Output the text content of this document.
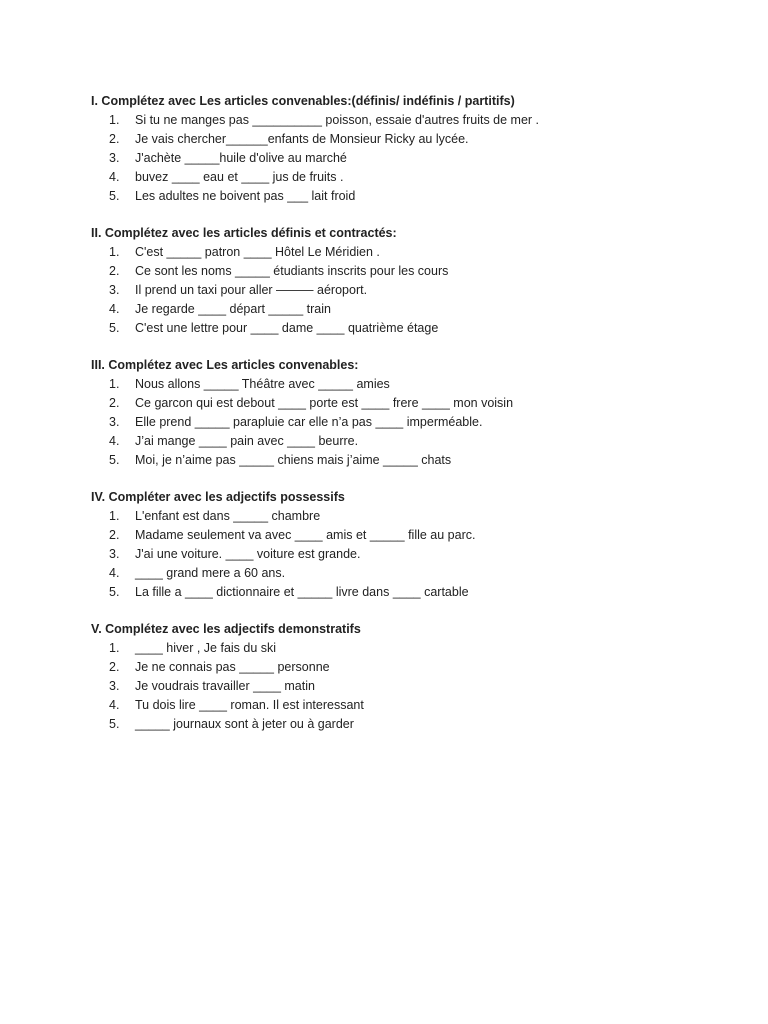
I. Complétez avec Les articles convenables:(définis/ indéfinis / partitifs)
1.	Si tu ne manges pas __________ poisson, essaie d'autres fruits de mer .
2.	Je vais chercher______enfants de Monsieur Ricky au lycée.
3.	J'achète _____huile d'olive au marché
4.	buvez ____ eau et ____ jus de fruits .
5.	Les adultes ne boivent pas ___ lait froid
II. Complétez avec les articles définis et contractés:
1.	C'est _____ patron ____ Hôtel Le Méridien .
2.	Ce sont les noms _____ étudiants inscrits pour les cours
3.	Il prend un taxi pour aller ——— aéroport.
4.	Je regarde ____ départ _____ train
5.	C'est une lettre pour ____ dame ____ quatrième étage
III. Complétez avec Les articles convenables:
1.	Nous allons _____ Théâtre avec _____ amies
2.	Ce garcon qui est debout ____ porte est ____ frere ____ mon voisin
3.	Elle prend _____ parapluie car elle n’a pas ____ imperméable.
4.	J’ai mange ____ pain avec ____ beurre.
5.	Moi, je n’aime pas _____ chiens mais j’aime _____ chats
IV. Compléter avec les adjectifs possessifs
1.	L'enfant est dans _____ chambre
2.	Madame seulement va avec ____ amis et _____ fille au parc.
3.	J'ai une voiture. ____ voiture est grande.
4.	____ grand mere a 60 ans.
5.	La fille a ____ dictionnaire et _____ livre dans ____ cartable
V. Complétez avec les adjectifs demonstratifs
1.	____ hiver , Je fais du ski
2.	Je ne connais pas _____ personne
3.	Je voudrais travailler ____ matin
4.	Tu dois lire ____ roman. Il est interessant
5.	_____ journaux sont à jeter ou à garder
